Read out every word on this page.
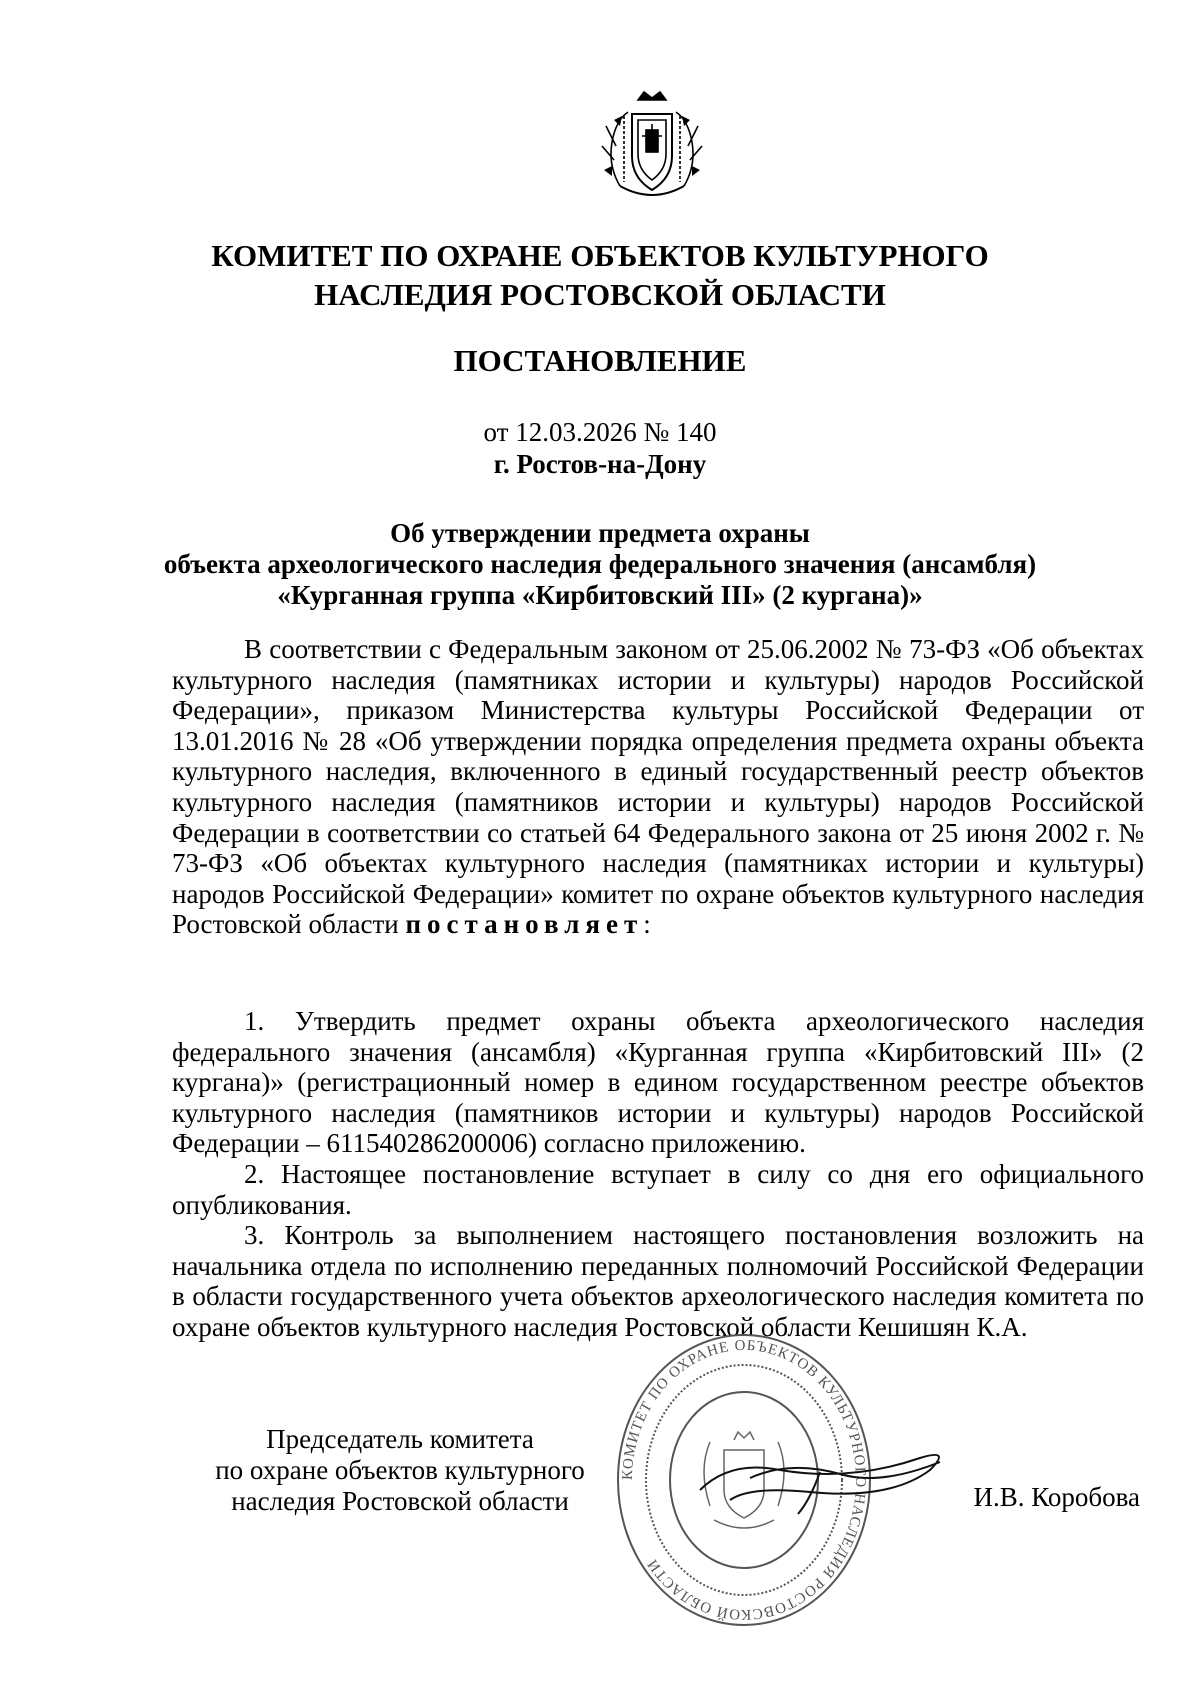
КОМИТЕТ ПО ОХРАНЕ ОБЪЕКТОВ КУЛЬТУРНОГО
НАСЛЕДИЯ РОСТОВСКОЙ ОБЛАСТИ
ПОСТАНОВЛЕНИЕ
от 12.03.2026 № 140
г. Ростов-на-Дону
Об утверждении предмета охраны
объекта археологического наследия федерального значения (ансамбля)
«Курганная группа «Кирбитовский III» (2 кургана)»

В соответствии с Федеральным законом от 25.06.2002 № 73-ФЗ «Об объектах культурного наследия (памятниках истории и культуры) народов Российской Федерации», приказом Министерства культуры Российской Федерации от 13.01.2016 № 28 «Об утверждении порядка определения предмета охраны объекта культурного наследия, включенного в единый государственный реестр объектов культурного наследия (памятников истории и культуры) народов Российской Федерации в соответствии со статьей 64 Федерального закона от 25 июня 2002 г. № 73-ФЗ «Об объектах культурного наследия (памятниках истории и культуры) народов Российской Федерации» комитет по охране объектов культурного наследия Ростовской области постановляет:

1. Утвердить предмет охраны объекта археологического наследия федерального значения (ансамбля) «Курганная группа «Кирбитовский III» (2 кургана)» (регистрационный номер в едином государственном реестре объектов культурного наследия (памятников истории и культуры) народов Российской Федерации – 611540286200006) согласно приложению.

2. Настоящее постановление вступает в силу со дня его официального опубликования.

3. Контроль за выполнением настоящего постановления возложить на начальника отдела по исполнению переданных полномочий Российской Федерации в области государственного учета объектов археологического наследия комитета по охране объектов культурного наследия Ростовской области Кешишян К.А.

Председатель комитета
по охране объектов культурного
наследия Ростовской области
КОМИТЕТ ПО ОХРАНЕ ОБЪЕКТОВ КУЛЬТУРНОГО НАСЛЕДИЯ РОСТОВСКОЙ ОБЛАСТИ
И.В. Коробова
